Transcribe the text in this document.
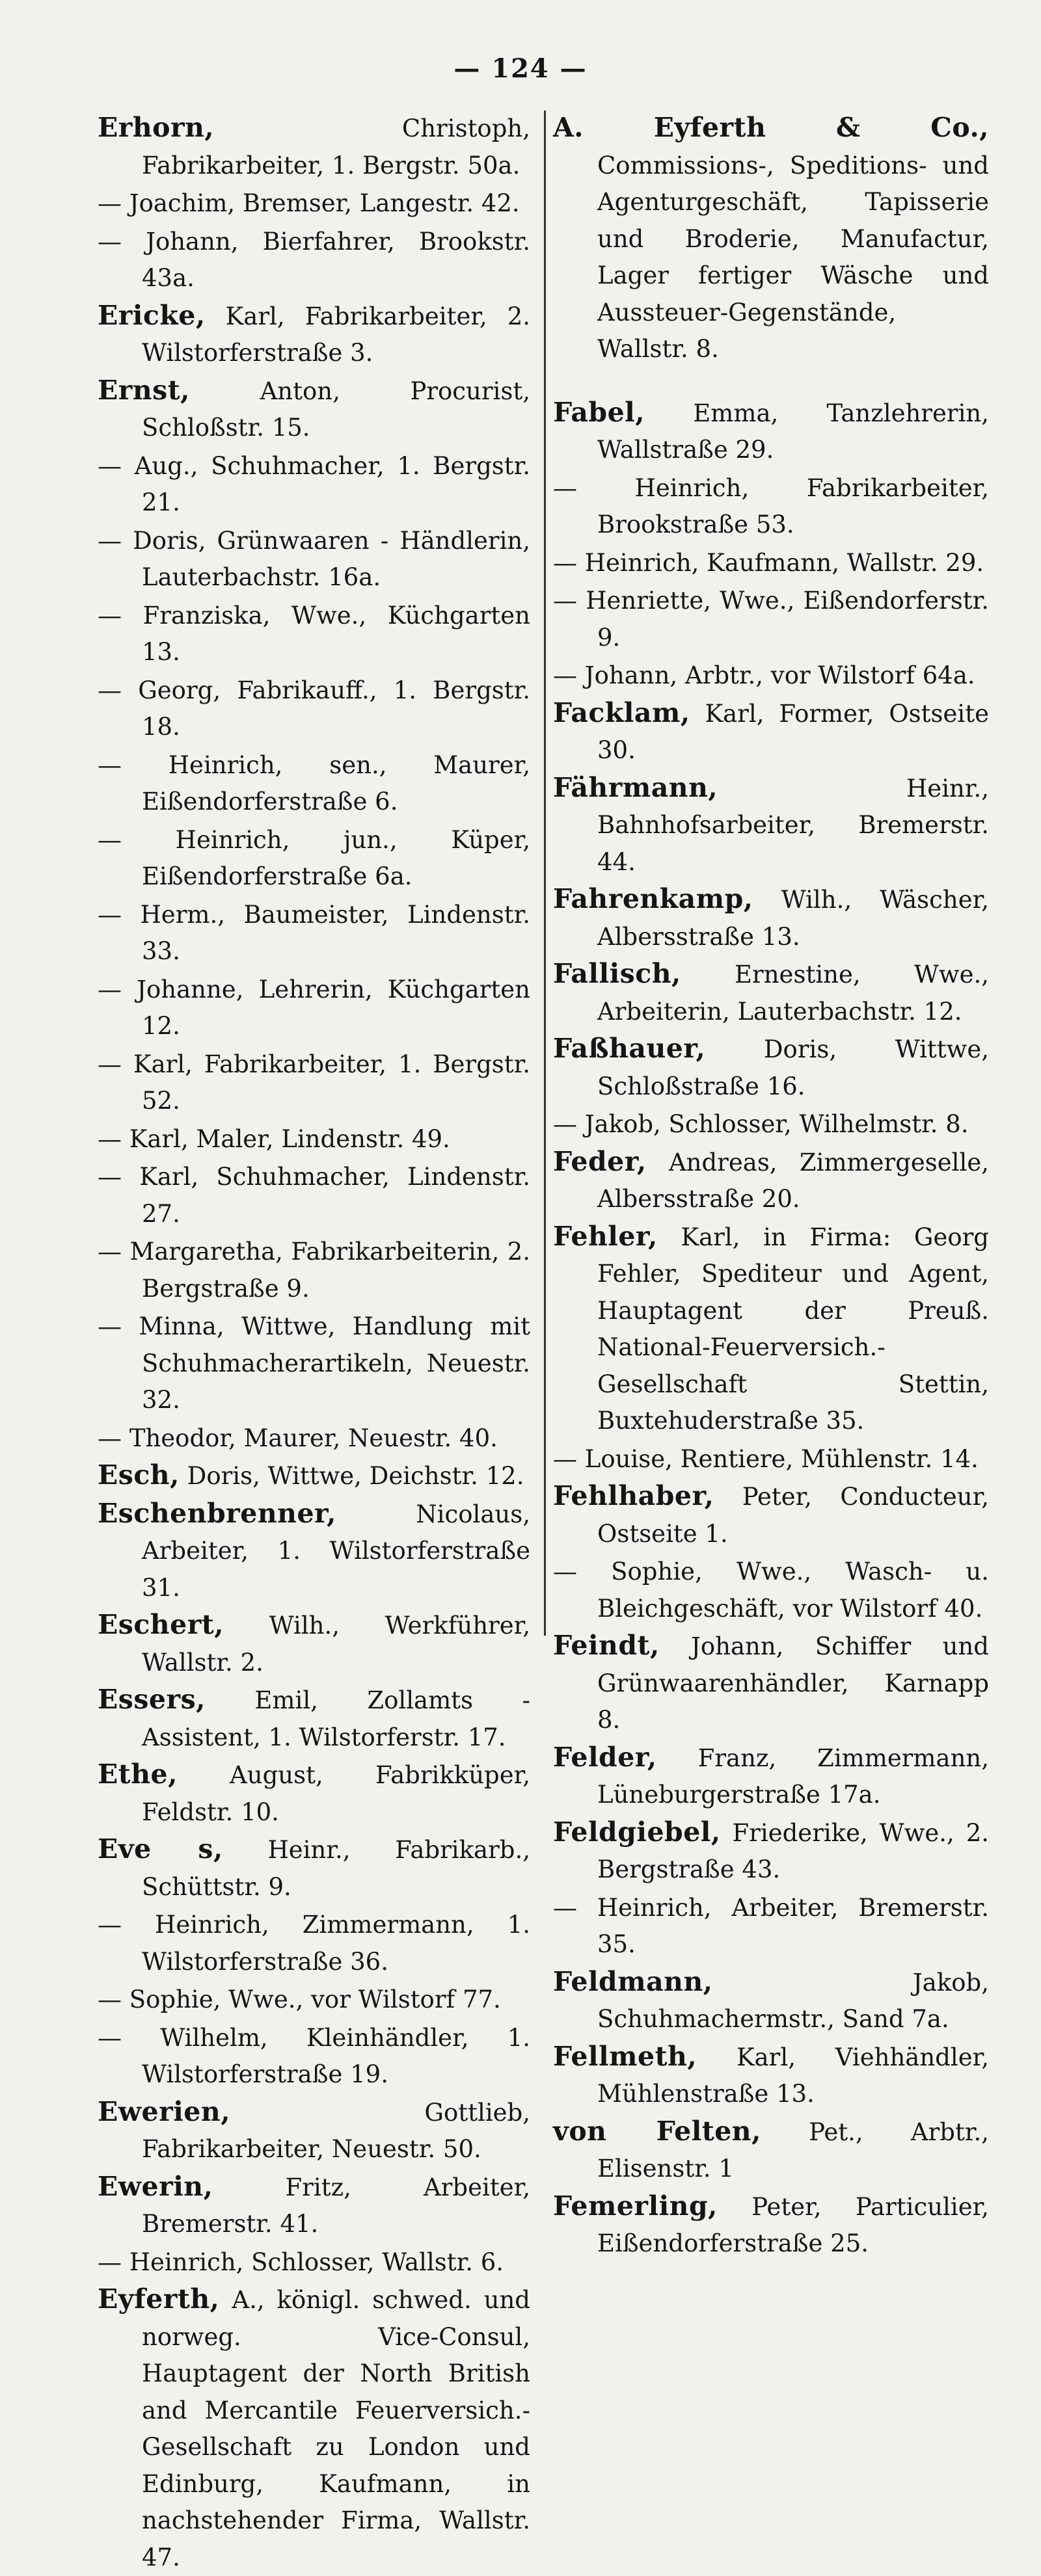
— 124 —
Erhorn, Christoph, Fabrikarbeiter, 1. Bergstr. 50a.
— Joachim, Bremser, Langestr. 42.
— Johann, Bierfahrer, Brookstr. 43a.
Ericke, Karl, Fabrikarbeiter, 2. Wilstorferstraße 3.
Ernst, Anton, Procurist, Schloßstr. 15.
— Aug., Schuhmacher, 1. Bergstr. 21.
— Doris, Grünwaaren - Händlerin, Lauterbachstr. 16a.
— Franziska, Wwe., Küchgarten 13.
— Georg, Fabrikauff., 1. Bergstr. 18.
— Heinrich, sen., Maurer, Eißendorferstraße 6.
— Heinrich, jun., Küper, Eißendorferstraße 6a.
— Herm., Baumeister, Lindenstr. 33.
— Johanne, Lehrerin, Küchgarten 12.
— Karl, Fabrikarbeiter, 1. Bergstr. 52.
— Karl, Maler, Lindenstr. 49.
— Karl, Schuhmacher, Lindenstr. 27.
— Margaretha, Fabrikarbeiterin, 2. Bergstraße 9.
— Minna, Wittwe, Handlung mit Schuhmacherartikeln, Neuestr. 32.
— Theodor, Maurer, Neuestr. 40.
Esch, Doris, Wittwe, Deichstr. 12.
Eschenbrenner, Nicolaus, Arbeiter, 1. Wilstorferstraße 31.
Eschert, Wilh., Werkführer, Wallstr. 2.
Essers, Emil, Zollamts - Assistent, 1. Wilstorferstr. 17.
Ethe, August, Fabrikküper, Feldstr. 10.
Eve s, Heinr., Fabrikarb., Schüttstr. 9.
— Heinrich, Zimmermann, 1. Wilstorferstraße 36.
— Sophie, Wwe., vor Wilstorf 77.
— Wilhelm, Kleinhändler, 1. Wilstorferstraße 19.
Ewerien, Gottlieb, Fabrikarbeiter, Neuestr. 50.
Ewerin, Fritz, Arbeiter, Bremerstr. 41.
— Heinrich, Schlosser, Wallstr. 6.
Eyferth, A., königl. schwed. und norweg. Vice-Consul, Hauptagent der North British and Mercantile Feuerversich.-Gesellschaft zu London und Edinburg, Kaufmann, in nachstehender Firma, Wallstr. 47.
A. Eyferth & Co., Commissions-, Speditions- und Agenturgeschäft, Tapisserie und Broderie, Manufactur, Lager fertiger Wäsche und Aussteuer-Gegenstände, Wallstr. 8.
Fabel, Emma, Tanzlehrerin, Wallstraße 29.
— Heinrich, Fabrikarbeiter, Brookstraße 53.
— Heinrich, Kaufmann, Wallstr. 29.
— Henriette, Wwe., Eißendorferstr. 9.
— Johann, Arbtr., vor Wilstorf 64a.
Facklam, Karl, Former, Ostseite 30.
Fährmann, Heinr., Bahnhofsarbeiter, Bremerstr. 44.
Fahrenkamp, Wilh., Wäscher, Albersstraße 13.
Fallisch, Ernestine, Wwe., Arbeiterin, Lauterbachstr. 12.
Faßhauer, Doris, Wittwe, Schloßstraße 16.
— Jakob, Schlosser, Wilhelmstr. 8.
Feder, Andreas, Zimmergeselle, Albersstraße 20.
Fehler, Karl, in Firma: Georg Fehler, Spediteur und Agent, Hauptagent der Preuß. National-Feuerversich.-Gesellschaft Stettin, Buxtehuderstraße 35.
— Louise, Rentiere, Mühlenstr. 14.
Fehlhaber, Peter, Conducteur, Ostseite 1.
— Sophie, Wwe., Wasch- u. Bleichgeschäft, vor Wilstorf 40.
Feindt, Johann, Schiffer und Grünwaarenhändler, Karnapp 8.
Felder, Franz, Zimmermann, Lüneburgerstraße 17a.
Feldgiebel, Friederike, Wwe., 2. Bergstraße 43.
— Heinrich, Arbeiter, Bremerstr. 35.
Feldmann, Jakob, Schuhmachermstr., Sand 7a.
Fellmeth, Karl, Viehhändler, Mühlenstraße 13.
von Felten, Pet., Arbtr., Elisenstr. 1
Femerling, Peter, Particulier, Eißendorferstraße 25.
